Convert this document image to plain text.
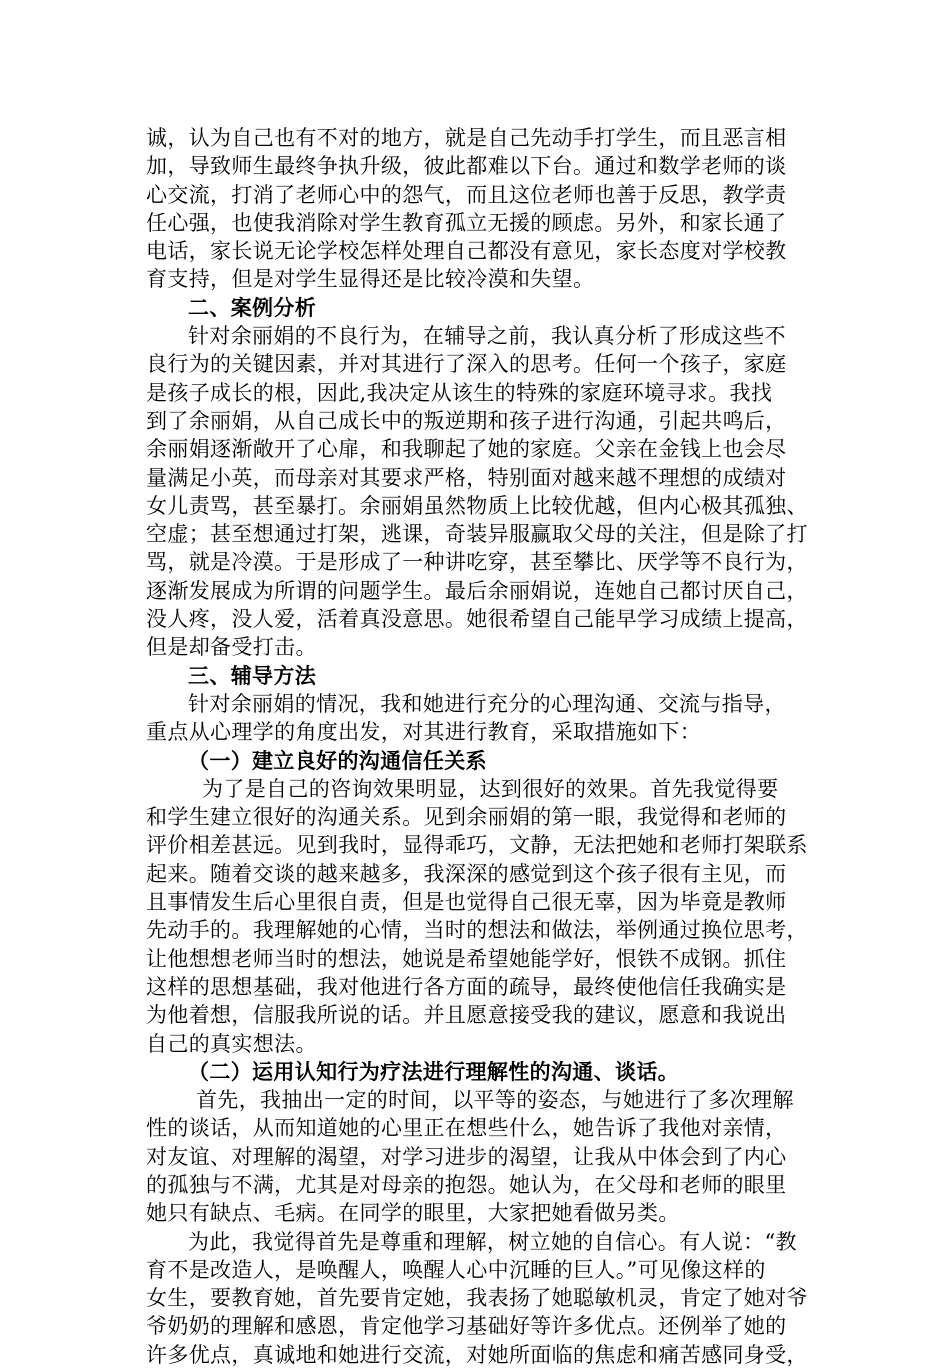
诚，认为自己也有不对的地方，就是自己先动手打学生，而且恶言相
加，导致师生最终争执升级，彼此都难以下台。通过和数学老师的谈
心交流，打消了老师心中的怨气，而且这位老师也善于反思，教学责
任心强，也使我消除对学生教育孤立无援的顾虑。另外，和家长通了
电话，家长说无论学校怎样处理自己都没有意见，家长态度对学校教
育支持，但是对学生显得还是比较冷漠和失望。
二、案例分析
针对余丽娟的不良行为，在辅导之前，我认真分析了形成这些不
良行为的关键因素，并对其进行了深入的思考。任何一个孩子，家庭
是孩子成长的根，因此,我决定从该生的特殊的家庭环境寻求。我找
到了余丽娟，从自己成长中的叛逆期和孩子进行沟通，引起共鸣后，
余丽娟逐渐敞开了心扉，和我聊起了她的家庭。父亲在金钱上也会尽
量满足小英，而母亲对其要求严格，特别面对越来越不理想的成绩对
女儿责骂，甚至暴打。余丽娟虽然物质上比较优越，但内心极其孤独、
空虚；甚至想通过打架，逃课，奇装异服赢取父母的关注，但是除了打
骂，就是冷漠。于是形成了一种讲吃穿，甚至攀比、厌学等不良行为，
逐渐发展成为所谓的问题学生。最后余丽娟说，连她自己都讨厌自己，
没人疼，没人爱，活着真没意思。她很希望自己能早学习成绩上提高，
但是却备受打击。
三、辅导方法
针对余丽娟的情况，我和她进行充分的心理沟通、交流与指导，
重点从心理学的角度出发，对其进行教育，采取措施如下：
（一）建立良好的沟通信任关系
为了是自己的咨询效果明显，达到很好的效果。首先我觉得要
和学生建立很好的沟通关系。见到余丽娟的第一眼，我觉得和老师的
评价相差甚远。见到我时，显得乖巧，文静，无法把她和老师打架联系
起来。随着交谈的越来越多，我深深的感觉到这个孩子很有主见，而
且事情发生后心里很自责，但是也觉得自己很无辜，因为毕竟是教师
先动手的。我理解她的心情，当时的想法和做法，举例通过换位思考，
让他想想老师当时的想法，她说是希望她能学好，恨铁不成钢。抓住
这样的思想基础，我对他进行各方面的疏导，最终使他信任我确实是
为他着想，信服我所说的话。并且愿意接受我的建议，愿意和我说出
自己的真实想法。
（二）运用认知行为疗法进行理解性的沟通、谈话。
首先，我抽出一定的时间，以平等的姿态，与她进行了多次理解
性的谈话，从而知道她的心里正在想些什么，她告诉了我他对亲情，
对友谊、对理解的渴望，对学习进步的渴望，让我从中体会到了内心
的孤独与不满，尤其是对母亲的抱怨。她认为，在父母和老师的眼里
她只有缺点、毛病。在同学的眼里，大家把她看做另类。
为此，我觉得首先是尊重和理解，树立她的自信心。有人说：“教
育不是改造人，是唤醒人，唤醒人心中沉睡的巨人。”可见像这样的
女生，要教育她，首先要肯定她，我表扬了她聪敏机灵，肯定了她对爷
爷奶奶的理解和感恩，肯定他学习基础好等许多优点。还例举了她的
许多优点，真诚地和她进行交流，对她所面临的焦虑和痛苦感同身受，
